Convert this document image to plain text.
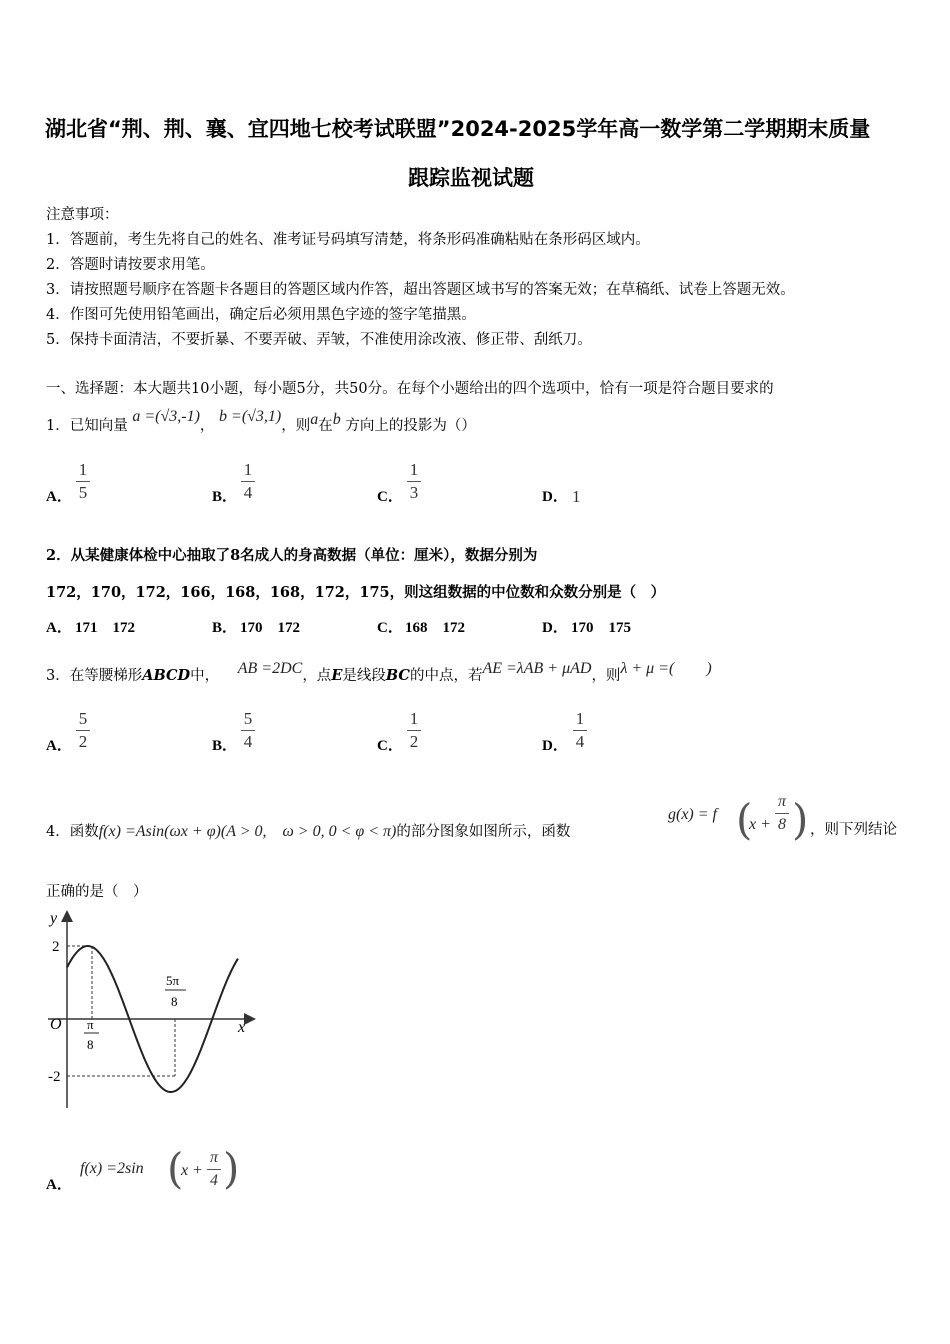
湖北省“荆、荆、襄、宜四地七校考试联盟”2024-2025学年高一数学第二学期期末质量
跟踪监视试题
注意事项：
1．答题前，考生先将自己的姓名、准考证号码填写清楚，将条形码准确粘贴在条形码区域内。
2．答题时请按要求用笔。
3．请按照题号顺序在答题卡各题目的答题区域内作答，超出答题区域书写的答案无效；在草稿纸、试卷上答题无效。
4．作图可先使用铅笔画出，确定后必须用黑色字迹的签字笔描黑。
5．保持卡面清洁，不要折暴、不要弄破、弄皱，不准使用涂改液、修正带、刮纸刀。
一、选择题：本大题共10小题，每小题5分，共50分。在每个小题给出的四个选项中，恰有一项是符合题目要求的
1．已知向量 a =(√3,-1)， b =(√3,1)，则a在b 方向上的投影为（）
A．
1
5	B．
1
4	C．
1
3	D． 1
2．从某健康体检中心抽取了8名成人的身高数据（单位：厘米），数据分别为
172，170，172，166，168，168，172，175，则这组数据的中位数和众数分别是（　）
A． 171　172	B． 170　172	C． 168　172	D． 170　175
3．在等腰梯形ABCD中， AB =2DC，点E是线段BC的中点，若AE =λAB + μAD，则λ + μ =(　　)
A．
5
2	B．
5
4	C．
1
2	D．
1
4
4．函数f(x) =Asin(ωx + φ)(A > 0,　ω > 0, 0 < φ < π)的部分图象如图所示，函数
g(x) = f (
x +
π
8 ) ，则下列结论
正确的是（　）
y
x
O
2
-2
π
8
5π
8
A．
f(x) =2sin (
x +
π
4 )
